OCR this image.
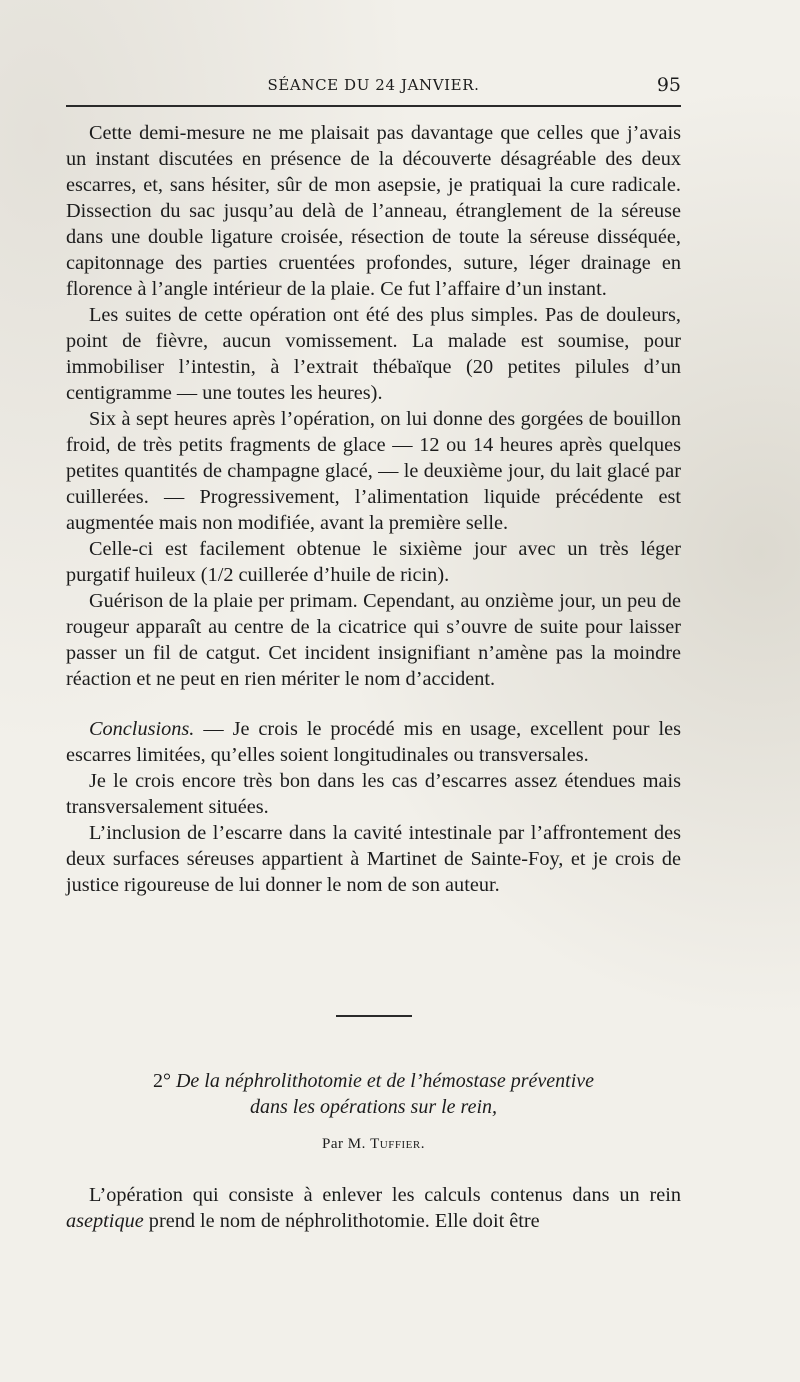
SÉANCE DU 24 JANVIER.	95

Cette demi-mesure ne me plaisait pas davantage que celles que j’avais un instant discutées en présence de la découverte désagréable des deux escarres, et, sans hésiter, sûr de mon asepsie, je pratiquai la cure radicale. Dissection du sac jusqu’au delà de l’anneau, étranglement de la séreuse dans une double ligature croisée, résection de toute la séreuse disséquée, capitonnage des parties cruentées profondes, suture, léger drainage en florence à l’angle intérieur de la plaie. Ce fut l’affaire d’un instant.

Les suites de cette opération ont été des plus simples. Pas de douleurs, point de fièvre, aucun vomissement. La malade est soumise, pour immobiliser l’intestin, à l’extrait thébaïque (20 petites pilules d’un centigramme — une toutes les heures).

Six à sept heures après l’opération, on lui donne des gorgées de bouillon froid, de très petits fragments de glace — 12 ou 14 heures après quelques petites quantités de champagne glacé, — le deuxième jour, du lait glacé par cuillerées. — Progressivement, l’alimentation liquide précédente est augmentée mais non modifiée, avant la première selle.

Celle-ci est facilement obtenue le sixième jour avec un très léger purgatif huileux (1/2 cuillerée d’huile de ricin).

Guérison de la plaie per primam. Cependant, au onzième jour, un peu de rougeur apparaît au centre de la cicatrice qui s’ouvre de suite pour laisser passer un fil de catgut. Cet incident insignifiant n’amène pas la moindre réaction et ne peut en rien mériter le nom d’accident.

Conclusions. — Je crois le procédé mis en usage, excellent pour les escarres limitées, qu’elles soient longitudinales ou transversales.

Je le crois encore très bon dans les cas d’escarres assez étendues mais transversalement situées.

L’inclusion de l’escarre dans la cavité intestinale par l’affrontement des deux surfaces séreuses appartient à Martinet de Sainte-Foy, et je crois de justice rigoureuse de lui donner le nom de son auteur.

2° De la néphrolithotomie et de l’hémostase préventive
dans les opérations sur le rein,
Par M. Tuffier.

L’opération qui consiste à enlever les calculs contenus dans un rein aseptique prend le nom de néphrolithotomie. Elle doit être
